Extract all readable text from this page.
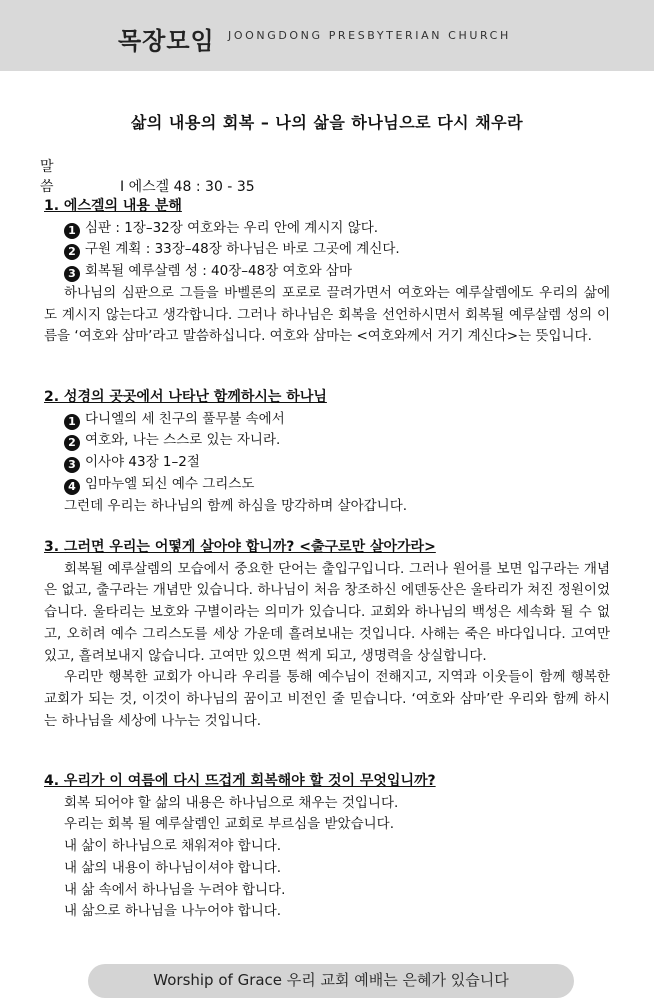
목장모임 JOONGDONG PRESBYTERIAN CHURCH
삶의 내용의 회복 – 나의 삶을 하나님으로 다시 채우라
말씀	I 에스겔 48 : 30 - 35
1. 에스겔의 내용 분해
1 심판 : 1장–32장 여호와는 우리 안에 계시지 않다.
2 구원 계획 : 33장–48장 하나님은 바로 그곳에 계신다.
3 회복될 예루살렘 성 : 40장–48장 여호와 삼마
하나님의 심판으로 그들을 바벨론의 포로로 끌려가면서 여호와는 예루살렘에도 우리의 삶에도 계시지 않는다고 생각합니다. 그러나 하나님은 회복을 선언하시면서 회복될 예루살렘 성의 이름을 ‘여호와 삼마’라고 말씀하십니다. 여호와 삼마는 <여호와께서 거기 계신다>는 뜻입니다.
2. 성경의 곳곳에서 나타난 함께하시는 하나님
1 다니엘의 세 친구의 풀무불 속에서
2 여호와, 나는 스스로 있는 자니라.
3 이사야 43장 1–2절
4 임마누엘 되신 예수 그리스도
그런데 우리는 하나님의 함께 하심을 망각하며 살아갑니다.
3. 그러면 우리는 어떻게 살아야 합니까? <출구로만 살아가라>
회복될 예루살렘의 모습에서 중요한 단어는 출입구입니다. 그러나 원어를 보면 입구라는 개념은 없고, 출구라는 개념만 있습니다. 하나님이 처음 창조하신 에덴동산은 울타리가 쳐진 정원이었습니다. 울타리는 보호와 구별이라는 의미가 있습니다. 교회와 하나님의 백성은 세속화 될 수 없고, 오히려 예수 그리스도를 세상 가운데 흘려보내는 것입니다. 사해는 죽은 바다입니다. 고여만 있고, 흘려보내지 않습니다. 고여만 있으면 썩게 되고, 생명력을 상실합니다.
우리만 행복한 교회가 아니라 우리를 통해 예수님이 전해지고, 지역과 이웃들이 함께 행복한 교회가 되는 것, 이것이 하나님의 꿈이고 비전인 줄 믿습니다. ‘여호와 삼마’란 우리와 함께 하시는 하나님을 세상에 나누는 것입니다.
4. 우리가 이 여름에 다시 뜨겁게 회복해야 할 것이 무엇입니까?
회복 되어야 할 삶의 내용은 하나님으로 채우는 것입니다.
우리는 회복 될 예루살렘인 교회로 부르심을 받았습니다.
내 삶이 하나님으로 채워져야 합니다.
내 삶의 내용이 하나님이셔야 합니다.
내 삶 속에서 하나님을 누려야 합니다.
내 삶으로 하나님을 나누어야 합니다.
Worship of Grace 우리 교회 예배는 은혜가 있습니다
